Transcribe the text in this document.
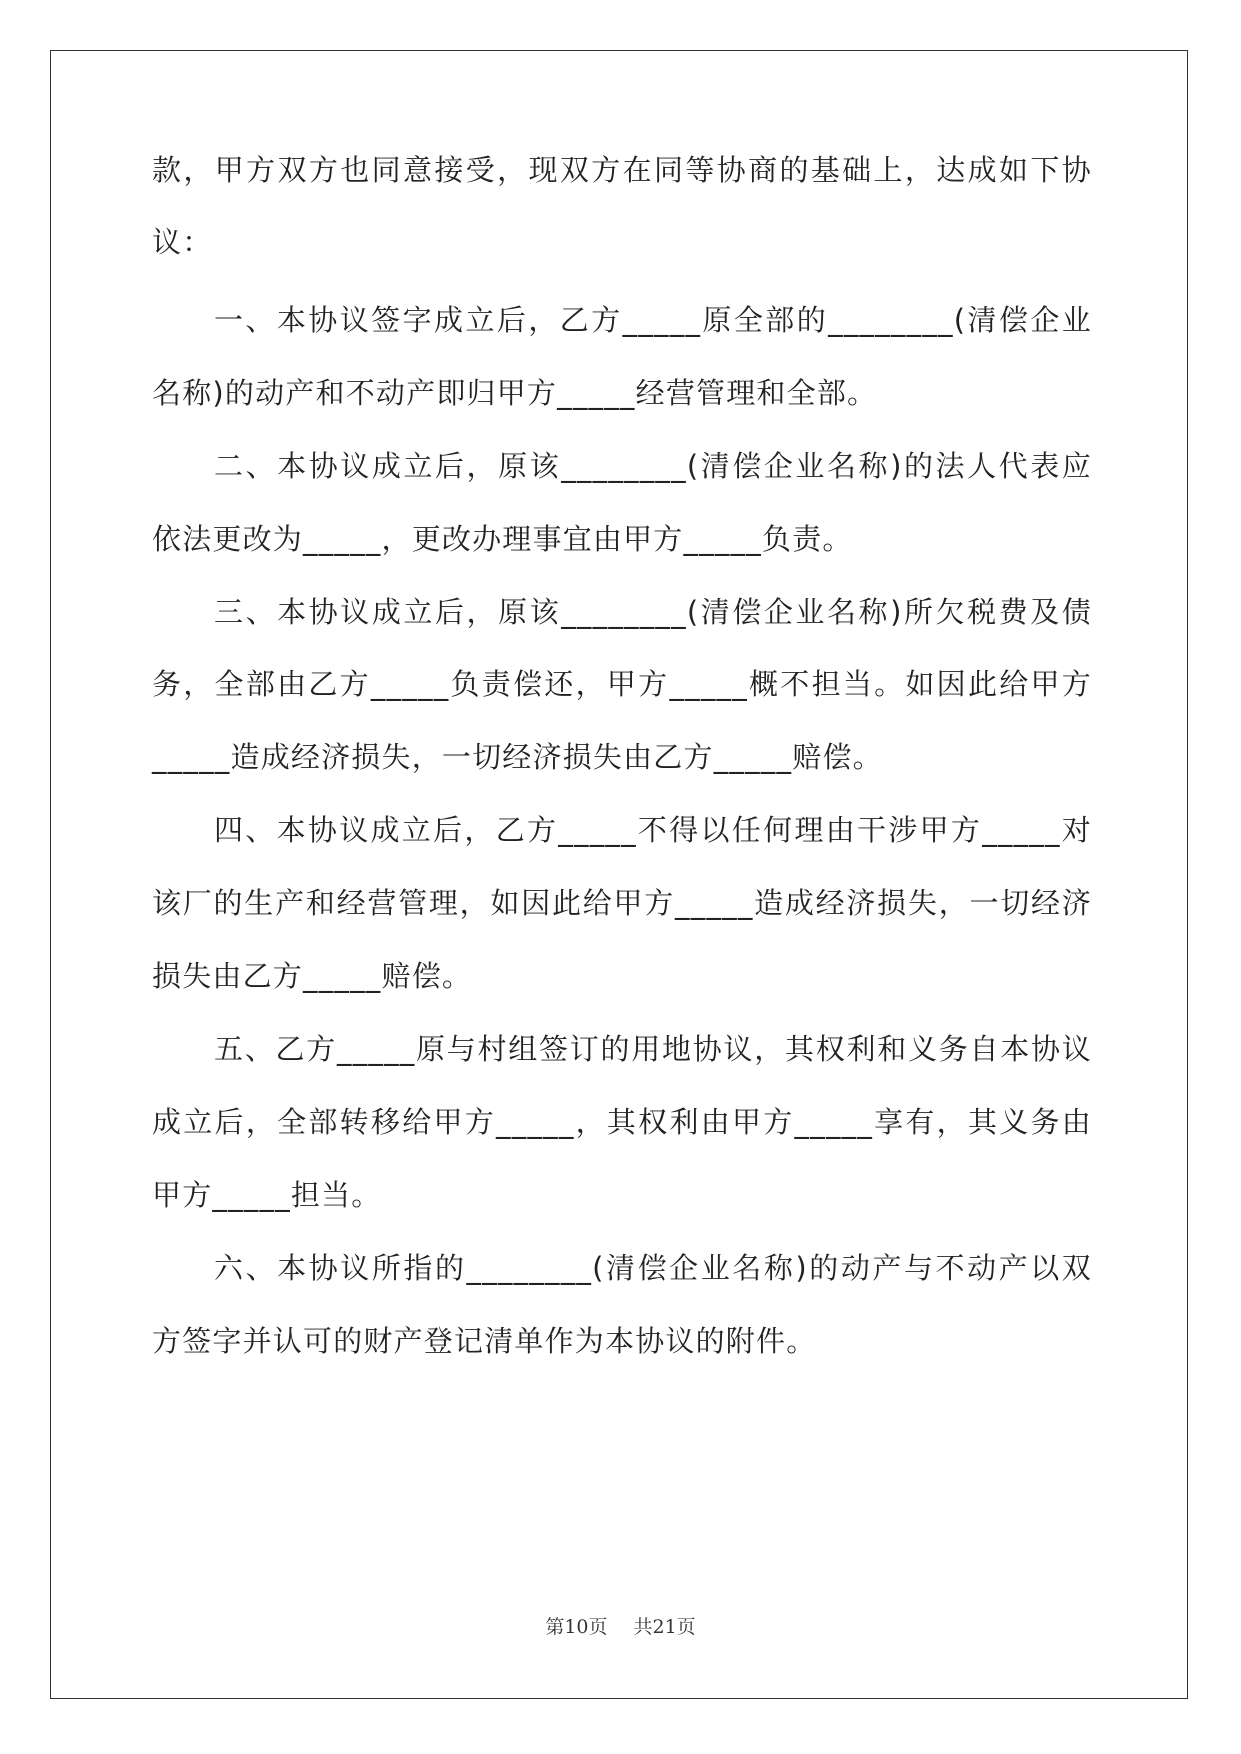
款，甲方双方也同意接受，现双方在同等协商的基础上，达成如下协
议：
一、本协议签字成立后，乙方_____原全部的________(清偿企业
名称)的动产和不动产即归甲方_____经营管理和全部。
二、本协议成立后，原该________(清偿企业名称)的法人代表应
依法更改为_____，更改办理事宜由甲方_____负责。
三、本协议成立后，原该________(清偿企业名称)所欠税费及债
务，全部由乙方_____负责偿还，甲方_____概不担当。如因此给甲方
_____造成经济损失，一切经济损失由乙方_____赔偿。
四、本协议成立后，乙方_____不得以任何理由干涉甲方_____对
该厂的生产和经营管理，如因此给甲方_____造成经济损失，一切经济
损失由乙方_____赔偿。
五、乙方_____原与村组签订的用地协议，其权利和义务自本协议
成立后，全部转移给甲方_____，其权利由甲方_____享有，其义务由
甲方_____担当。
六、本协议所指的________(清偿企业名称)的动产与不动产以双
方签字并认可的财产登记清单作为本协议的附件。
第10页 共21页
